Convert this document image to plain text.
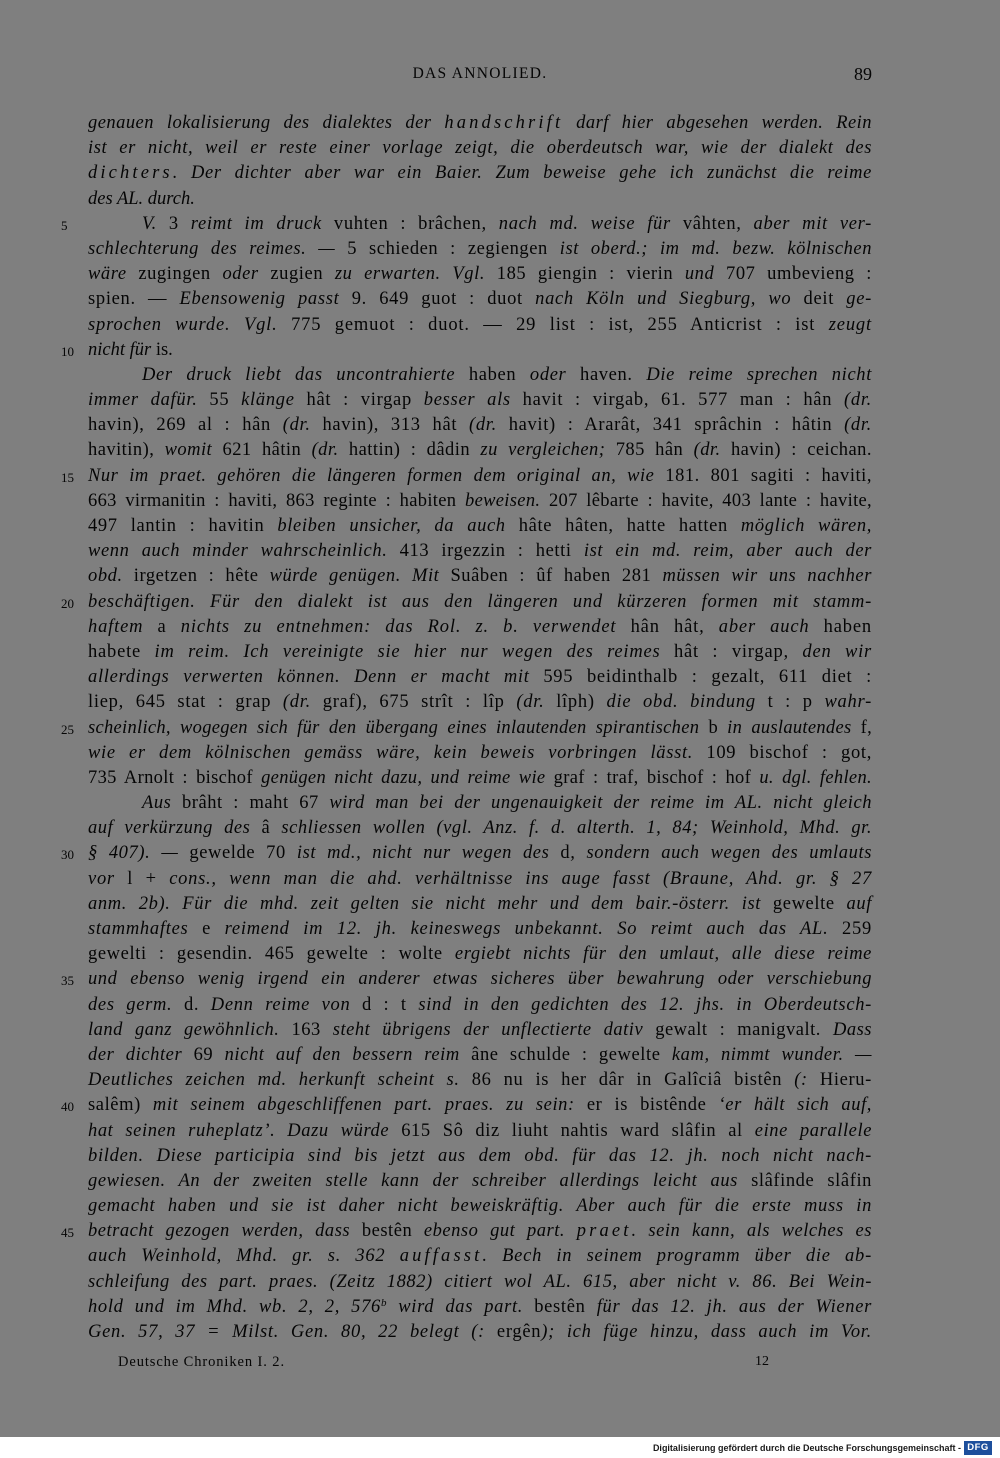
DAS ANNOLIED.	89
genauen lokalisierung des dialektes der handschrift darf hier abgesehen werden. Rein
ist er nicht, weil er reste einer vorlage zeigt, die oberdeutsch war, wie der dialekt des
dichters. Der dichter aber war ein Baier. Zum beweise gehe ich zunächst die reime
des AL. durch.
5	V. 3 reimt im druck vuhten : brâchen, nach md. weise für vâhten, aber mit ver-
schlechterung des reimes. — 5 schieden : zegiengen ist oberd.; im md. bezw. kölnischen
wäre zugingen oder zugien zu erwarten. Vgl. 185 giengin : vierin und 707 umbevieng :
spien. — Ebensowenig passt 9. 649 guot : duot nach Köln und Siegburg, wo deit ge-
sprochen wurde. Vgl. 775 gemuot : duot. — 29 list : ist, 255 Anticrist : ist zeugt
10 nicht für is.
Der druck liebt das uncontrahierte haben oder haven. Die reime sprechen nicht
immer dafür. 55 klänge hât : virgap besser als havit : virgab, 61. 577 man : hân (dr.
havin), 269 al : hân (dr. havin), 313 hât (dr. havit) : Ararât, 341 sprâchin : hâtin (dr.
havitin), womit 621 hâtin (dr. hattin) : dâdin zu vergleichen; 785 hân (dr. havin) : ceichan.
15 Nur im praet. gehören die längeren formen dem original an, wie 181. 801 sagiti : haviti,
663 virmanitin : haviti, 863 reginte : habiten beweisen. 207 lêbarte : havite, 403 lante : havite,
497 lantin : havitin bleiben unsicher, da auch hâte hâten, hatte hatten möglich wären,
wenn auch minder wahrscheinlich. 413 irgezzin : hetti ist ein md. reim, aber auch der
obd. irgetzen : hête würde genügen. Mit Suâben : ûf haben 281 müssen wir uns nachher
20 beschäftigen. Für den dialekt ist aus den längeren und kürzeren formen mit stamm-
haftem a nichts zu entnehmen: das Rol. z. b. verwendet hân hât, aber auch haben
habete im reim. Ich vereinigte sie hier nur wegen des reimes hât : virgap, den wir
allerdings verwerten können. Denn er macht mit 595 beidinthalb : gezalt, 611 diet :
liep, 645 stat : grap (dr. graf), 675 strît : lîp (dr. lîph) die obd. bindung t : p wahr-
25 scheinlich, wogegen sich für den übergang eines inlautenden spirantischen b in auslautendes f,
wie er dem kölnischen gemäss wäre, kein beweis vorbringen lässt. 109 bischof : got,
735 Arnolt : bischof genügen nicht dazu, und reime wie graf : traf, bischof : hof u. dgl. fehlen.
Aus brâht : maht 67 wird man bei der ungenauigkeit der reime im AL. nicht gleich
auf verkürzung des â schliessen wollen (vgl. Anz. f. d. alterth. 1, 84; Weinhold, Mhd. gr.
30 § 407). — gewelde 70 ist md., nicht nur wegen des d, sondern auch wegen des umlauts
vor l + cons., wenn man die ahd. verhältnisse ins auge fasst (Braune, Ahd. gr. § 27
anm. 2b). Für die mhd. zeit gelten sie nicht mehr und dem bair.-österr. ist gewelte auf
stammhaftes e reimend im 12. jh. keineswegs unbekannt. So reimt auch das AL. 259
gewelti : gesendin. 465 gewelte : wolte ergiebt nichts für den umlaut, alle diese reime
35 und ebenso wenig irgend ein anderer etwas sicheres über bewahrung oder verschiebung
des germ. d. Denn reime von d : t sind in den gedichten des 12. jhs. in Oberdeutsch-
land ganz gewöhnlich. 163 steht übrigens der unflectierte dativ gewalt : manigvalt. Dass
der dichter 69 nicht auf den bessern reim âne schulde : gewelte kam, nimmt wunder. —
Deutliches zeichen md. herkunft scheint s. 86 nu is her dâr in Galîciâ bistên (: Hieru-
40 salêm) mit seinem abgeschliffenen part. praes. zu sein: er is bistênde ‘er hält sich auf,
hat seinen ruheplatz’. Dazu würde 615 Sô diz liuht nahtis ward slâfin al eine parallele
bilden. Diese participia sind bis jetzt aus dem obd. für das 12. jh. noch nicht nach-
gewiesen. An der zweiten stelle kann der schreiber allerdings leicht aus slâfinde slâfin
gemacht haben und sie ist daher nicht beweiskräftig. Aber auch für die erste muss in
45 betracht gezogen werden, dass bestên ebenso gut part. praet. sein kann, als welches es
auch Weinhold, Mhd. gr. s. 362 auffasst. Bech in seinem programm über die ab-
schleifung des part. praes. (Zeitz 1882) citiert wol AL. 615, aber nicht v. 86. Bei Wein-
hold und im Mhd. wb. 2, 2, 576$^b$ wird das part. bestên für das 12. jh. aus der Wiener
Gen. 57, 37 = Milst. Gen. 80, 22 belegt (: ergên); ich füge hinzu, dass auch im Vor.
Deutsche Chroniken I. 2.	12
Digitalisierung gefördert durch die Deutsche Forschungsgemeinschaft - DFG
